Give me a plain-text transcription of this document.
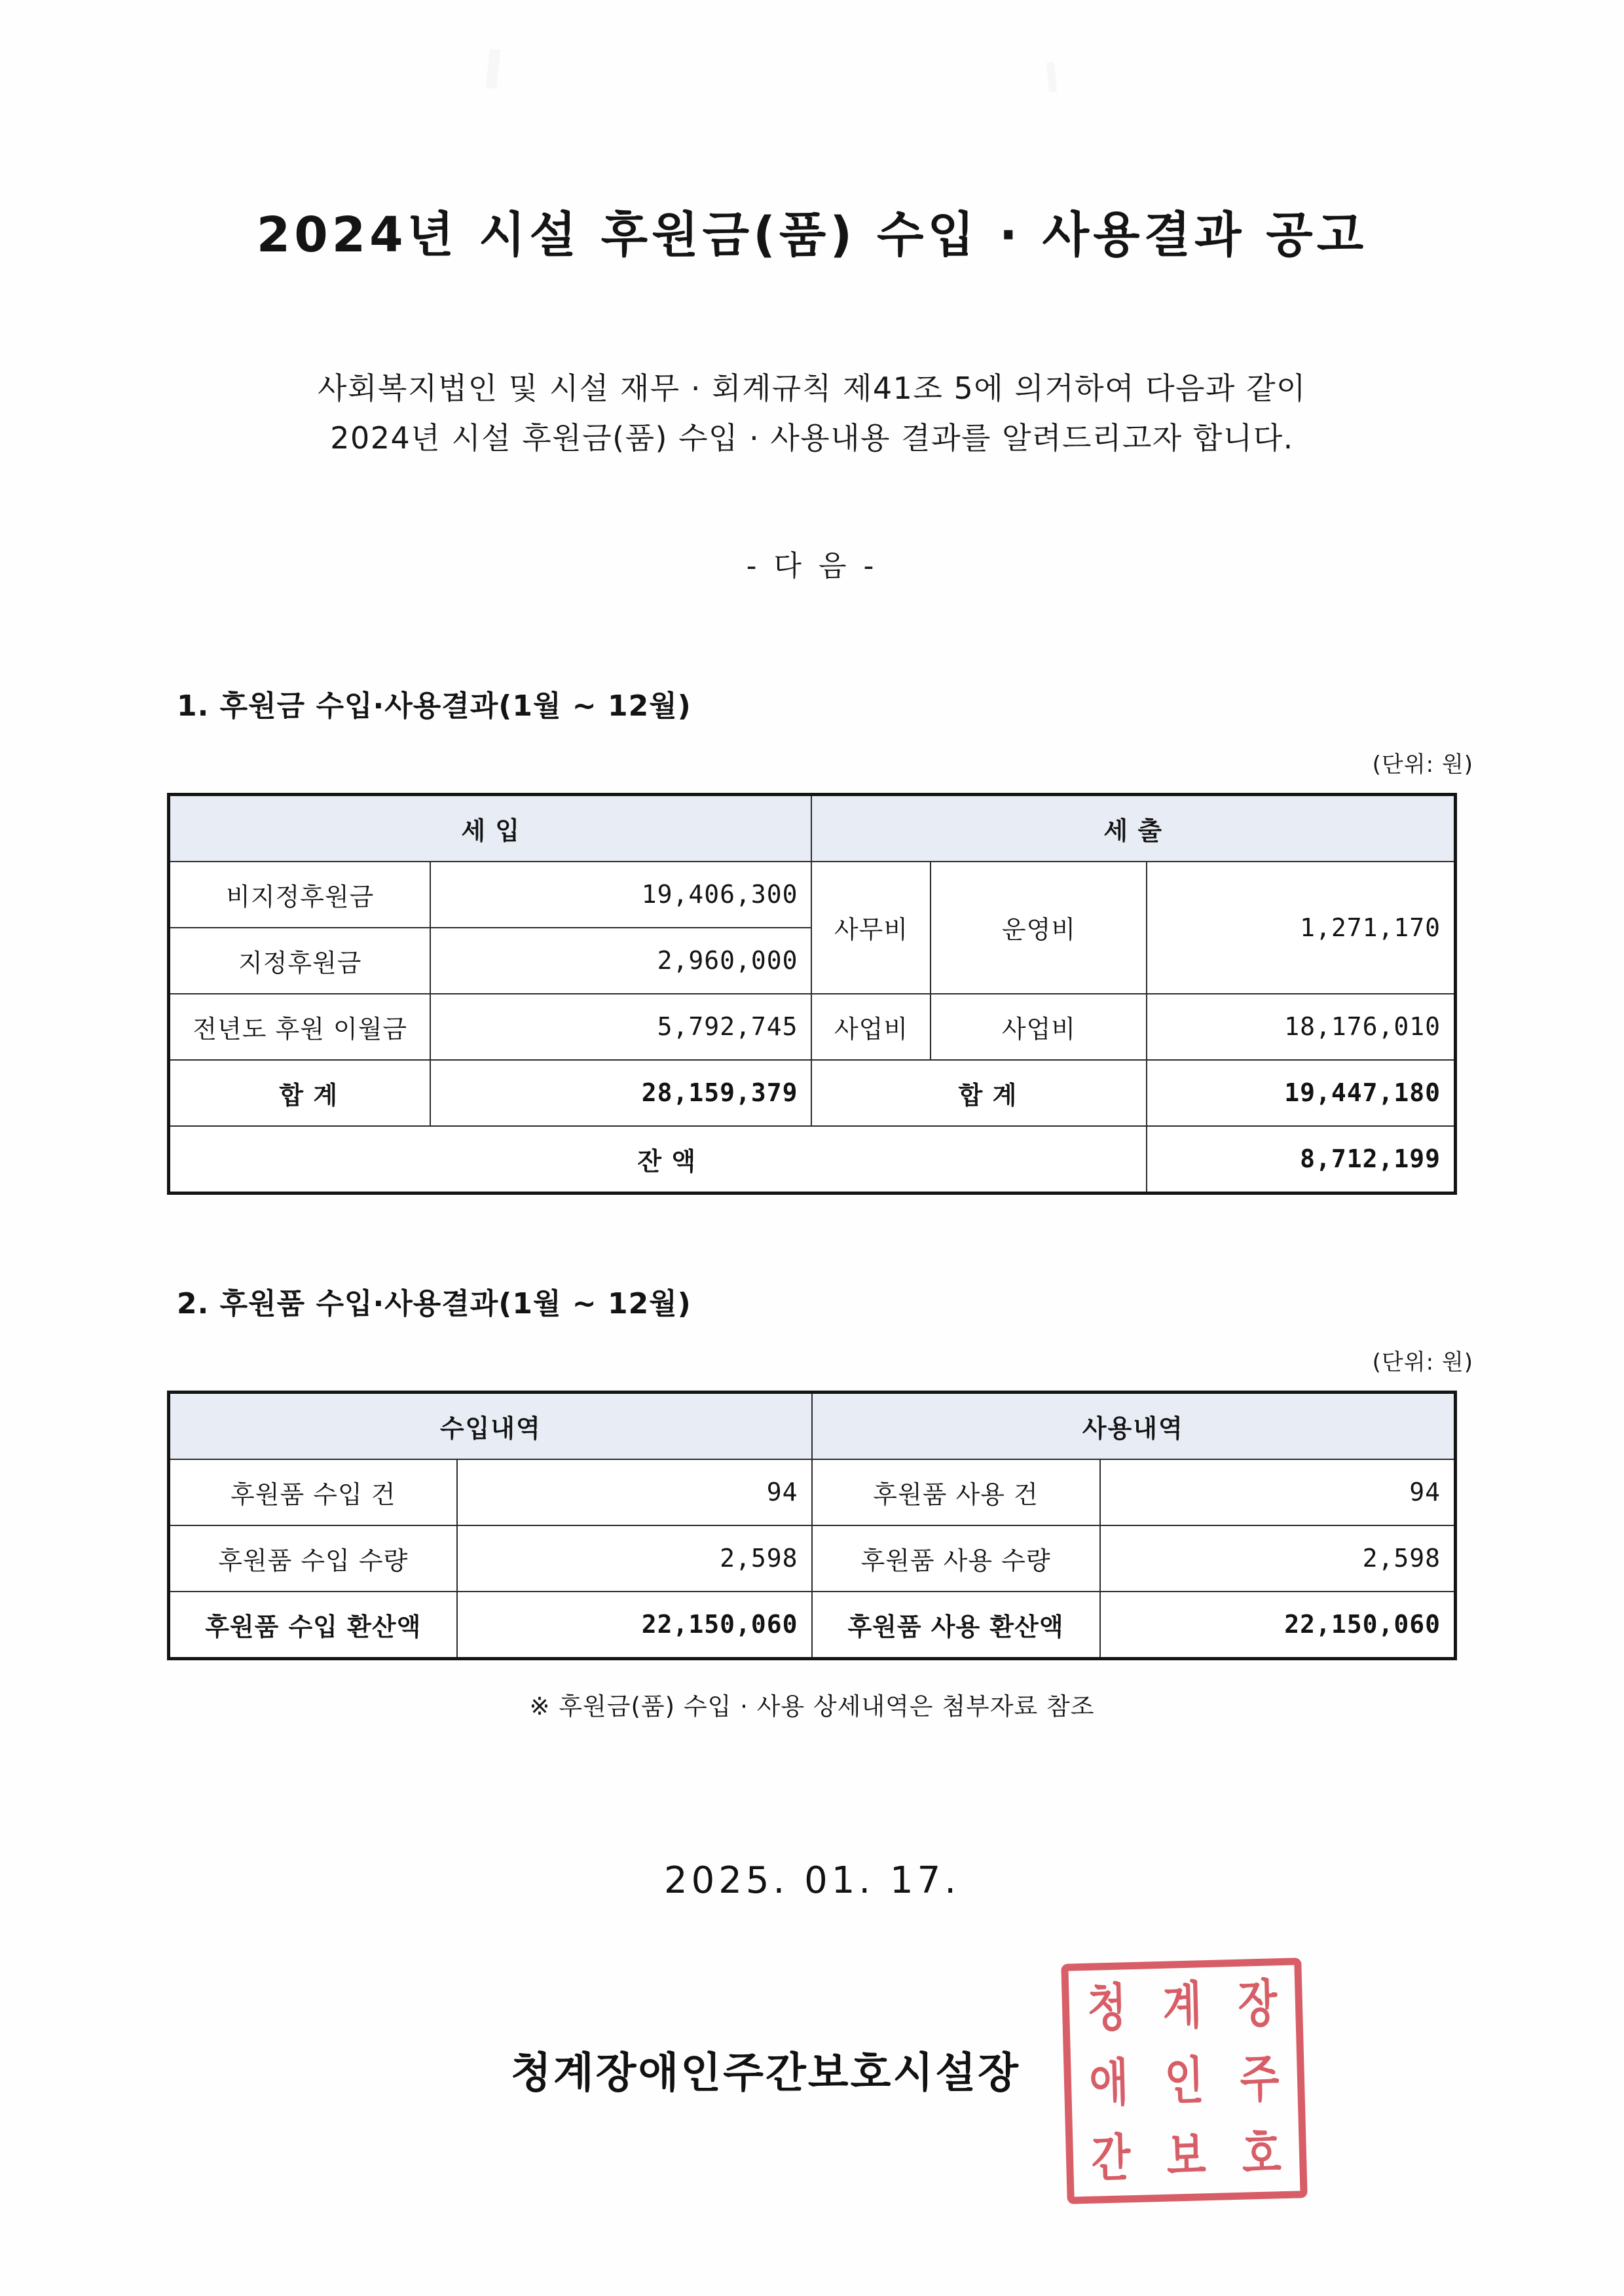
2024년 시설 후원금(품) 수입 · 사용결과 공고
사회복지법인 및 시설 재무 · 회계규칙 제41조 5에 의거하여 다음과 같이
2024년 시설 후원금(품) 수입 · 사용내용 결과를 알려드리고자 합니다.
- 다 음 -
1. 후원금 수입·사용결과(1월 ~ 12월)
(단위: 원)
세 입		세 출		
비지정후원금	19,406,300	사무비	운영비	1,271,170
지정후원금	2,960,000			
전년도 후원 이월금	5,792,745	사업비	사업비	18,176,010
합 계	28,159,379	합 계		19,447,180
잔 액				8,712,199
2. 후원품 수입·사용결과(1월 ~ 12월)
(단위: 원)
수입내역		사용내역	
후원품 수입 건	94	후원품 사용 건	94
후원품 수입 수량	2,598	후원품 사용 수량	2,598
후원품 수입 환산액	22,150,060	후원품 사용 환산액	22,150,060
※ 후원금(품) 수입 · 사용 상세내역은 첨부자료 참조
2025. 01. 17.
청계장애인주간보호시설장
청 계 장
애 인 주
간 보 호
